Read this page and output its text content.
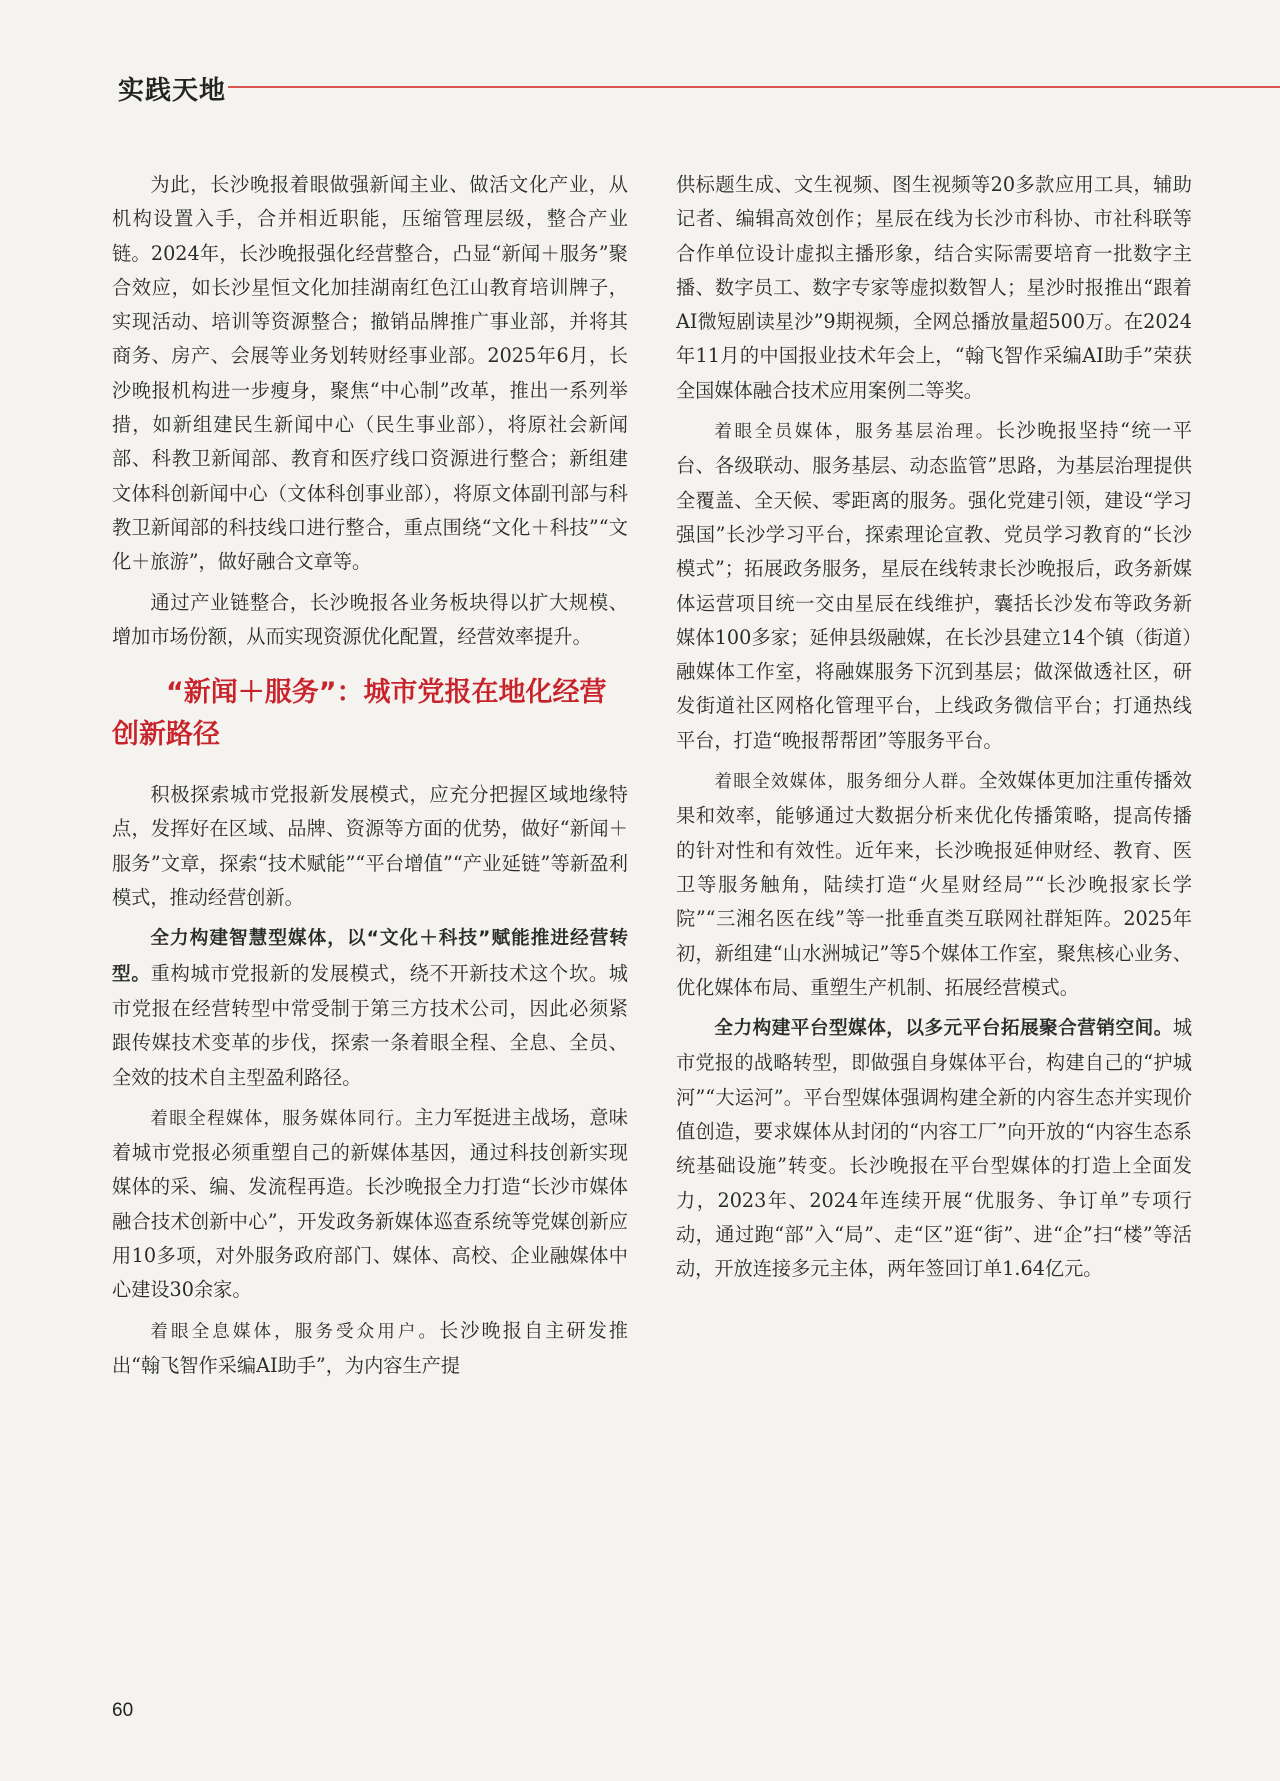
实践天地

为此，长沙晚报着眼做强新闻主业、做活文化产业，从机构设置入手，合并相近职能，压缩管理层级，整合产业链。2024年，长沙晚报强化经营整合，凸显“新闻＋服务”聚合效应，如长沙星恒文化加挂湖南红色江山教育培训牌子，实现活动、培训等资源整合；撤销品牌推广事业部，并将其商务、房产、会展等业务划转财经事业部。2025年6月，长沙晚报机构进一步瘦身，聚焦“中心制”改革，推出一系列举措，如新组建民生新闻中心（民生事业部），将原社会新闻部、科教卫新闻部、教育和医疗线口资源进行整合；新组建文体科创新闻中心（文体科创事业部），将原文体副刊部与科教卫新闻部的科技线口进行整合，重点围绕“文化＋科技”“文化＋旅游”，做好融合文章等。

通过产业链整合，长沙晚报各业务板块得以扩大规模、增加市场份额，从而实现资源优化配置，经营效率提升。

“新闻＋服务”：城市党报在地化经营创新路径

积极探索城市党报新发展模式，应充分把握区域地缘特点，发挥好在区域、品牌、资源等方面的优势，做好“新闻＋服务”文章，探索“技术赋能”“平台增值”“产业延链”等新盈利模式，推动经营创新。

全力构建智慧型媒体，以“文化＋科技”赋能推进经营转型。重构城市党报新的发展模式，绕不开新技术这个坎。城市党报在经营转型中常受制于第三方技术公司，因此必须紧跟传媒技术变革的步伐，探索一条着眼全程、全息、全员、全效的技术自主型盈利路径。

着眼全程媒体，服务媒体同行。主力军挺进主战场，意味着城市党报必须重塑自己的新媒体基因，通过科技创新实现媒体的采、编、发流程再造。长沙晚报全力打造“长沙市媒体融合技术创新中心”，开发政务新媒体巡查系统等党媒创新应用10多项，对外服务政府部门、媒体、高校、企业融媒体中心建设30余家。

着眼全息媒体，服务受众用户。长沙晚报自主研发推出“翰飞智作采编AI助手”，为内容生产提

供标题生成、文生视频、图生视频等20多款应用工具，辅助记者、编辑高效创作；星辰在线为长沙市科协、市社科联等合作单位设计虚拟主播形象，结合实际需要培育一批数字主播、数字员工、数字专家等虚拟数智人；星沙时报推出“跟着AI微短剧读星沙”9期视频，全网总播放量超500万。在2024年11月的中国报业技术年会上，“翰飞智作采编AI助手”荣获全国媒体融合技术应用案例二等奖。

着眼全员媒体，服务基层治理。长沙晚报坚持“统一平台、各级联动、服务基层、动态监管”思路，为基层治理提供全覆盖、全天候、零距离的服务。强化党建引领，建设“学习强国”长沙学习平台，探索理论宣教、党员学习教育的“长沙模式”；拓展政务服务，星辰在线转隶长沙晚报后，政务新媒体运营项目统一交由星辰在线维护，囊括长沙发布等政务新媒体100多家；延伸县级融媒，在长沙县建立14个镇（街道）融媒体工作室，将融媒服务下沉到基层；做深做透社区，研发街道社区网格化管理平台，上线政务微信平台；打通热线平台，打造“晚报帮帮团”等服务平台。

着眼全效媒体，服务细分人群。全效媒体更加注重传播效果和效率，能够通过大数据分析来优化传播策略，提高传播的针对性和有效性。近年来，长沙晚报延伸财经、教育、医卫等服务触角，陆续打造“火星财经局”“长沙晚报家长学院”“三湘名医在线”等一批垂直类互联网社群矩阵。2025年初，新组建“山水洲城记”等5个媒体工作室，聚焦核心业务、优化媒体布局、重塑生产机制、拓展经营模式。

全力构建平台型媒体，以多元平台拓展聚合营销空间。城市党报的战略转型，即做强自身媒体平台，构建自己的“护城河”“大运河”。平台型媒体强调构建全新的内容生态并实现价值创造，要求媒体从封闭的“内容工厂”向开放的“内容生态系统基础设施”转变。长沙晚报在平台型媒体的打造上全面发力，2023年、2024年连续开展“优服务、争订单”专项行动，通过跑“部”入“局”、走“区”逛“街”、进“企”扫“楼”等活动，开放连接多元主体，两年签回订单1.64亿元。

60
